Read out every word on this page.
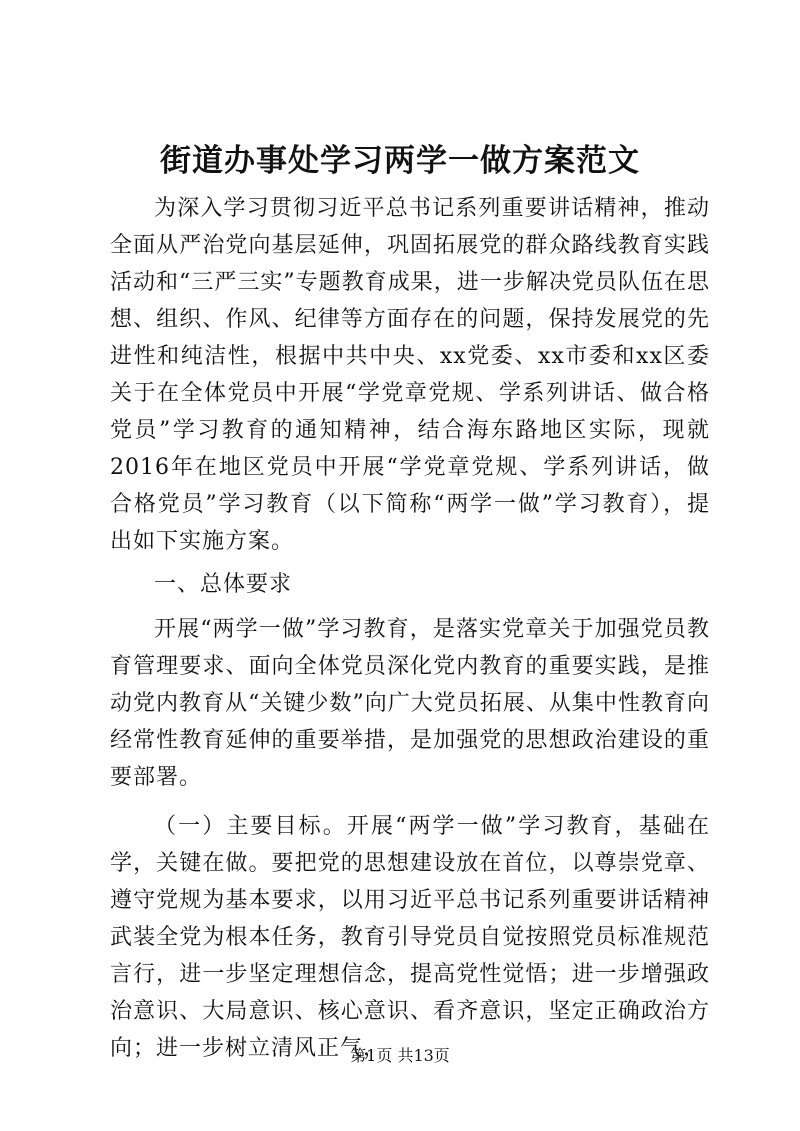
街道办事处学习两学一做方案范文

为深入学习贯彻习近平总书记系列重要讲话精神，推动全面从严治党向基层延伸，巩固拓展党的群众路线教育实践活动和“三严三实”专题教育成果，进一步解决党员队伍在思想、组织、作风、纪律等方面存在的问题，保持发展党的先进性和纯洁性，根据中共中央、xx党委、xx市委和xx区委关于在全体党员中开展“学党章党规、学系列讲话、做合格党员”学习教育的通知精神，结合海东路地区实际，现就2016年在地区党员中开展“学党章党规、学系列讲话，做合格党员”学习教育（以下简称“两学一做”学习教育），提出如下实施方案。

一、总体要求

开展“两学一做”学习教育，是落实党章关于加强党员教育管理要求、面向全体党员深化党内教育的重要实践，是推动党内教育从“关键少数”向广大党员拓展、从集中性教育向经常性教育延伸的重要举措，是加强党的思想政治建设的重要部署。

（一）主要目标。开展“两学一做”学习教育，基础在学，关键在做。要把党的思想建设放在首位，以尊崇党章、遵守党规为基本要求，以用习近平总书记系列重要讲话精神武装全党为根本任务，教育引导党员自觉按照党员标准规范言行，进一步坚定理想信念，提高党性觉悟；进一步增强政治意识、大局意识、核心意识、看齐意识，坚定正确政治方向；进一步树立清风正气，

第1页 共13页
